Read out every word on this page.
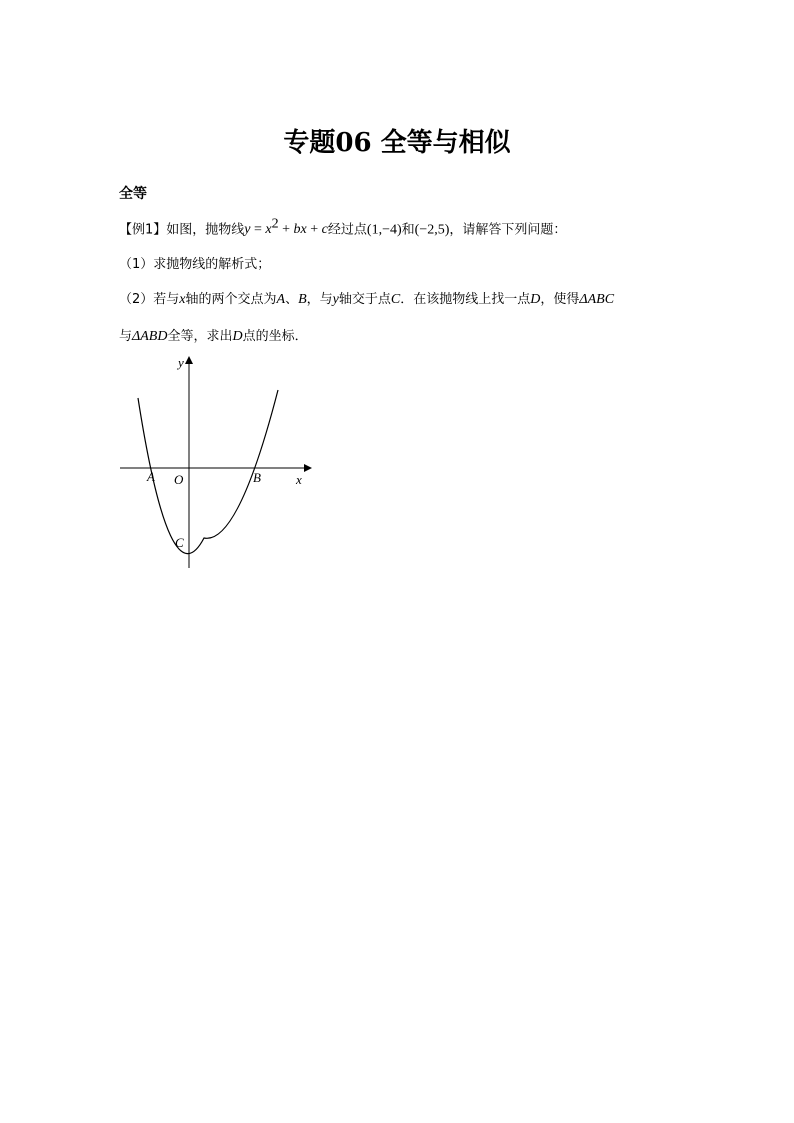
专题06 全等与相似
全等
【例1】如图，抛物线$y = x^2$ + bx + c经过点(1,−4)和(−2,5)，请解答下列问题：
（1）求抛物线的解析式；
（2）若与x轴的两个交点为A、B，与y轴交于点C．在该抛物线上找一点D，使得ΔABC
与ΔABD全等，求出D点的坐标．
y
x
A O	B
C
